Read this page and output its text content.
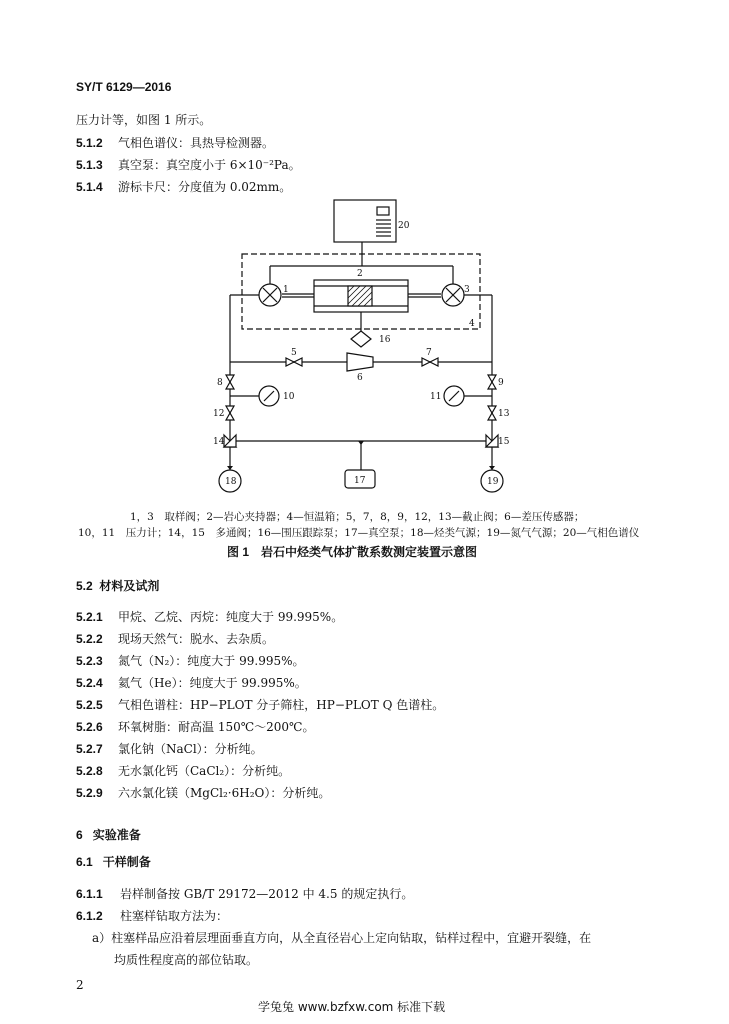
SY/T 6129—2016
压力计等，如图 1 所示。
5.1.2 气相色谱仪：具热导检测器。
5.1.3 真空泵：真空度小于 6×10⁻²Pa。
5.1.4 游标卡尺：分度值为 0.02mm。
20
2
1	3
4
16
5
6
7
8	9
10	11
12	13
14	15
17
18	19
1，3　取样阀；2—岩心夹持器；4—恒温箱；5，7，8，9，12，13—截止阀；6—差压传感器；
10，11　压力计；14，15　多通阀；16—围压跟踪泵；17—真空泵；18—烃类气源；19—氮气气源；20—气相色谱仪
图 1　岩石中烃类气体扩散系数测定装置示意图
5.2 材料及试剂
5.2.1 甲烷、乙烷、丙烷：纯度大于 99.995%。
5.2.2 现场天然气：脱水、去杂质。
5.2.3 氮气（N₂）：纯度大于 99.995%。
5.2.4 氦气（He）：纯度大于 99.995%。
5.2.5 气相色谱柱：HP−PLOT 分子筛柱，HP−PLOT Q 色谱柱。
5.2.6 环氧树脂：耐高温 150℃～200℃。
5.2.7 氯化钠（NaCl）：分析纯。
5.2.8 无水氯化钙（CaCl₂）：分析纯。
5.2.9 六水氯化镁（MgCl₂·6H₂O）：分析纯。
6 实验准备
6.1 干样制备
6.1.1 岩样制备按 GB/T 29172—2012 中 4.5 的规定执行。
6.1.2 柱塞样钻取方法为：
a）柱塞样品应沿着层理面垂直方向，从全直径岩心上定向钻取，钻样过程中，宜避开裂缝，在
均质性程度高的部位钻取。
2
学兔兔 www.bzfxw.com 标准下载
